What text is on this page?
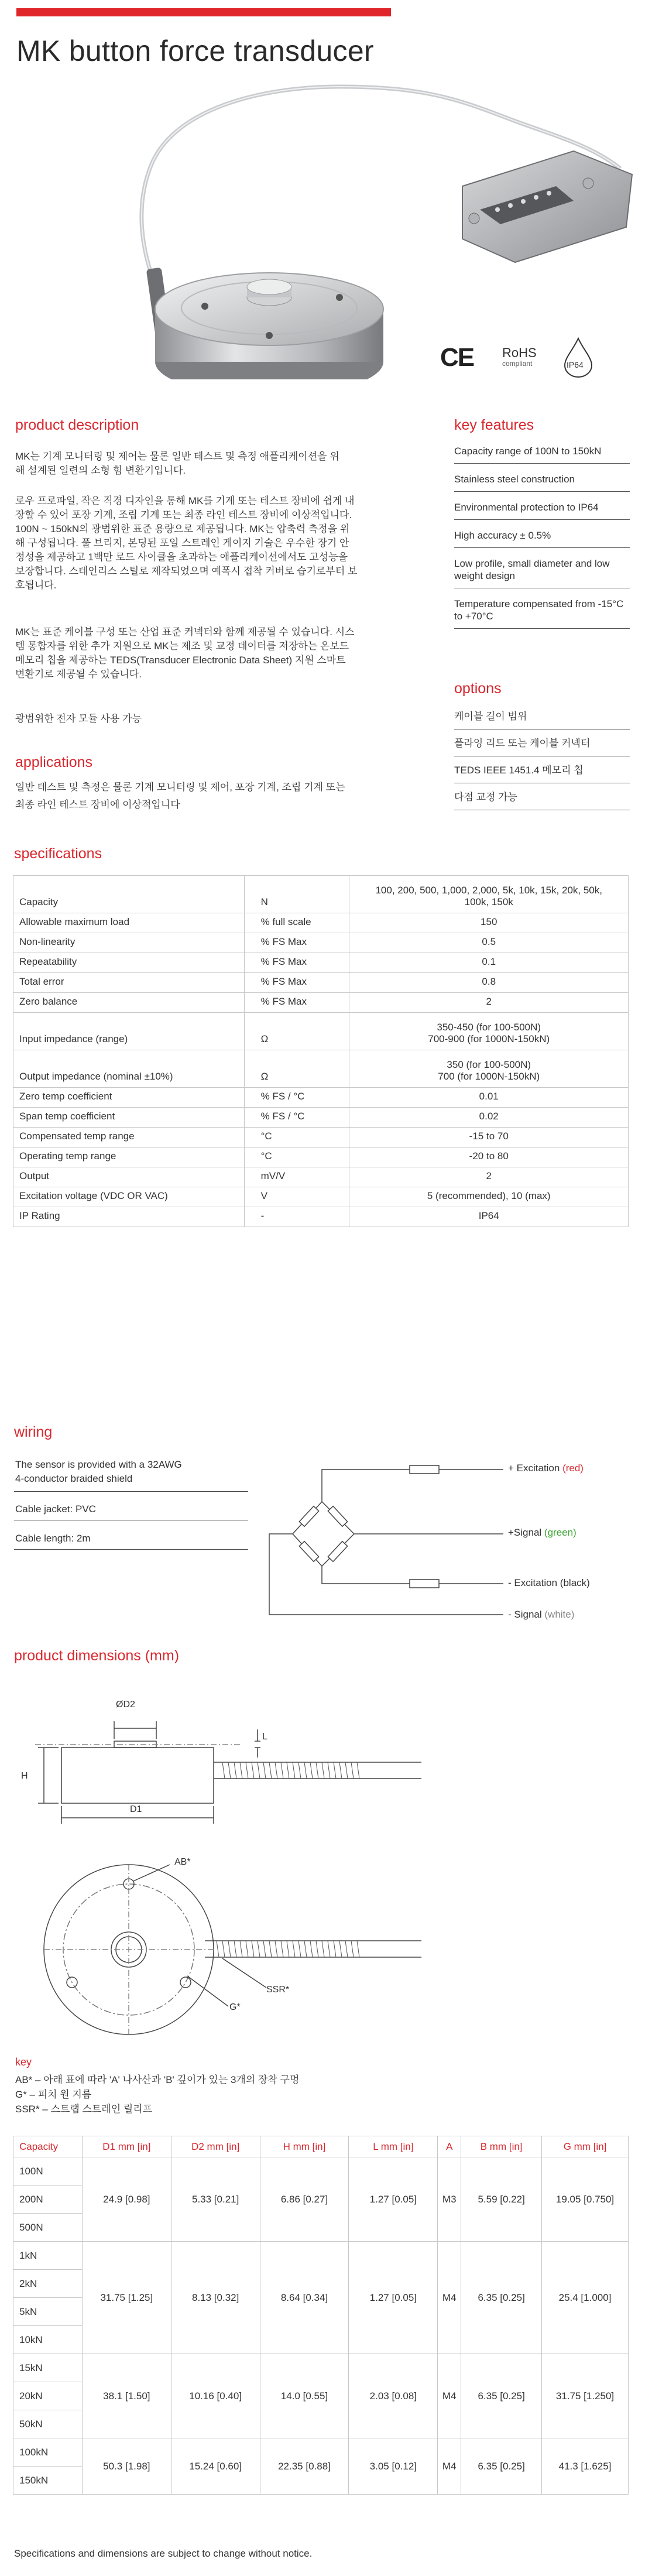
MK button force transducer
CE RoHS
compliant	IP64
product description
MK는 기계 모니터링 및 제어는 물론 일반 테스트 및 측정 애플리케이션을 위
해 설계된 일련의 소형 힘 변환기입니다.
로우 프로파일, 작은 직경 디자인을 통해 MK를 기계 또는 테스트 장비에 쉽게 내
장할 수 있어 포장 기계, 조립 기계 또는 최종 라인 테스트 장비에 이상적입니다.
100N ~ 150kN의 광범위한 표준 용량으로 제공됩니다. MK는 압축력 측정을 위
해 구성됩니다. 풀 브리지, 본딩된 포일 스트레인 게이지 기술은 우수한 장기 안
정성을 제공하고 1백만 로드 사이클을 초과하는 애플리케이션에서도 고성능을
보장합니다. 스테인리스 스틸로 제작되었으며 예폭시 접착 커버로 습기로부터 보
호됩니다.
MK는 표준 케이블 구성 또는 산업 표준 커넥터와 함께 제공될 수 있습니다. 시스
템 통합자를 위한 추가 지원으로 MK는 제조 및 교정 데이터를 저장하는 온보드
메모리 칩을 제공하는 TEDS(Transducer Electronic Data Sheet) 지원 스마트
변환기로 제공될 수 있습니다.
광범위한 전자 모듈 사용 가능
applications
일반 테스트 및 측정은 물론 기계 모니터링 및 제어, 포장 기계, 조립 기계 또는
최종 라인 테스트 장비에 이상적입니다
key features
Capacity range of 100N to 150kN
Stainless steel construction
Environmental protection to IP64
High accuracy ± 0.5%
Low profile, small diameter and low weight design
Temperature compensated from -15°C to +70°C
options
케이블 길이 범위
플라잉 리드 또는 케이블 커넥터
TEDS IEEE 1451.4 메모리 칩
다점 교정 가능
specifications
Capacity	N	100, 200, 500, 1,000, 2,000, 5k, 10k, 15k, 20k, 50k,
100k, 150k

Allowable maximum load	% full scale	150

Non-linearity	% FS Max	0.5

Repeatability	% FS Max	0.1

Total error	% FS Max	0.8

Zero balance	% FS Max	2

Input impedance (range)	Ω	350-450 (for 100-500N)
700-900 (for 1000N-150kN)

Output impedance (nominal ±10%)	Ω	350 (for 100-500N)
700 (for 1000N-150kN)

Zero temp coefficient	% FS / °C	0.01

Span temp coefficient	% FS / °C	0.02

Compensated temp range	°C	-15 to 70

Operating temp range	°C	-20 to 80

Output	mV/V	2

Excitation voltage (VDC OR VAC)	V	5 (recommended), 10 (max)

IP Rating	-	IP64
wiring
The sensor is provided with a 32AWG
4-conductor braided shield
Cable jacket: PVC
Cable length: 2m
+ Excitation (red)
+Signal (green)
- Excitation (black)
- Signal (white)
product dimensions (mm)
ØD2
L
H
D1
AB*
G*
SSR*
key
AB* – 아래 표에 따라 'A' 나사산과 'B' 깊이가 있는 3개의 장착 구멍
G* – 피치 원 지름
SSR* – 스트랩 스트레인 릴리프
Capacity	D1 mm [in]	D2 mm [in]	H mm [in]	L mm [in]	A	B mm [in]	G mm [in]
100N	24.9 [0.98]	5.33 [0.21]	6.86 [0.27]	1.27 [0.05]	M3	5.59 [0.22]	19.05 [0.750]
200N							
500N							
1kN	31.75 [1.25]	8.13 [0.32]	8.64 [0.34]	1.27 [0.05]	M4	6.35 [0.25]	25.4 [1.000]
2kN							
5kN							
10kN							
15kN	38.1 [1.50]	10.16 [0.40]	14.0 [0.55]	2.03 [0.08]	M4	6.35 [0.25]	31.75 [1.250]
20kN							
50kN							
100kN	50.3 [1.98]	15.24 [0.60]	22.35 [0.88]	3.05 [0.12]	M4	6.35 [0.25]	41.3 [1.625]
150kN							
Specifications and dimensions are subject to change without notice.
